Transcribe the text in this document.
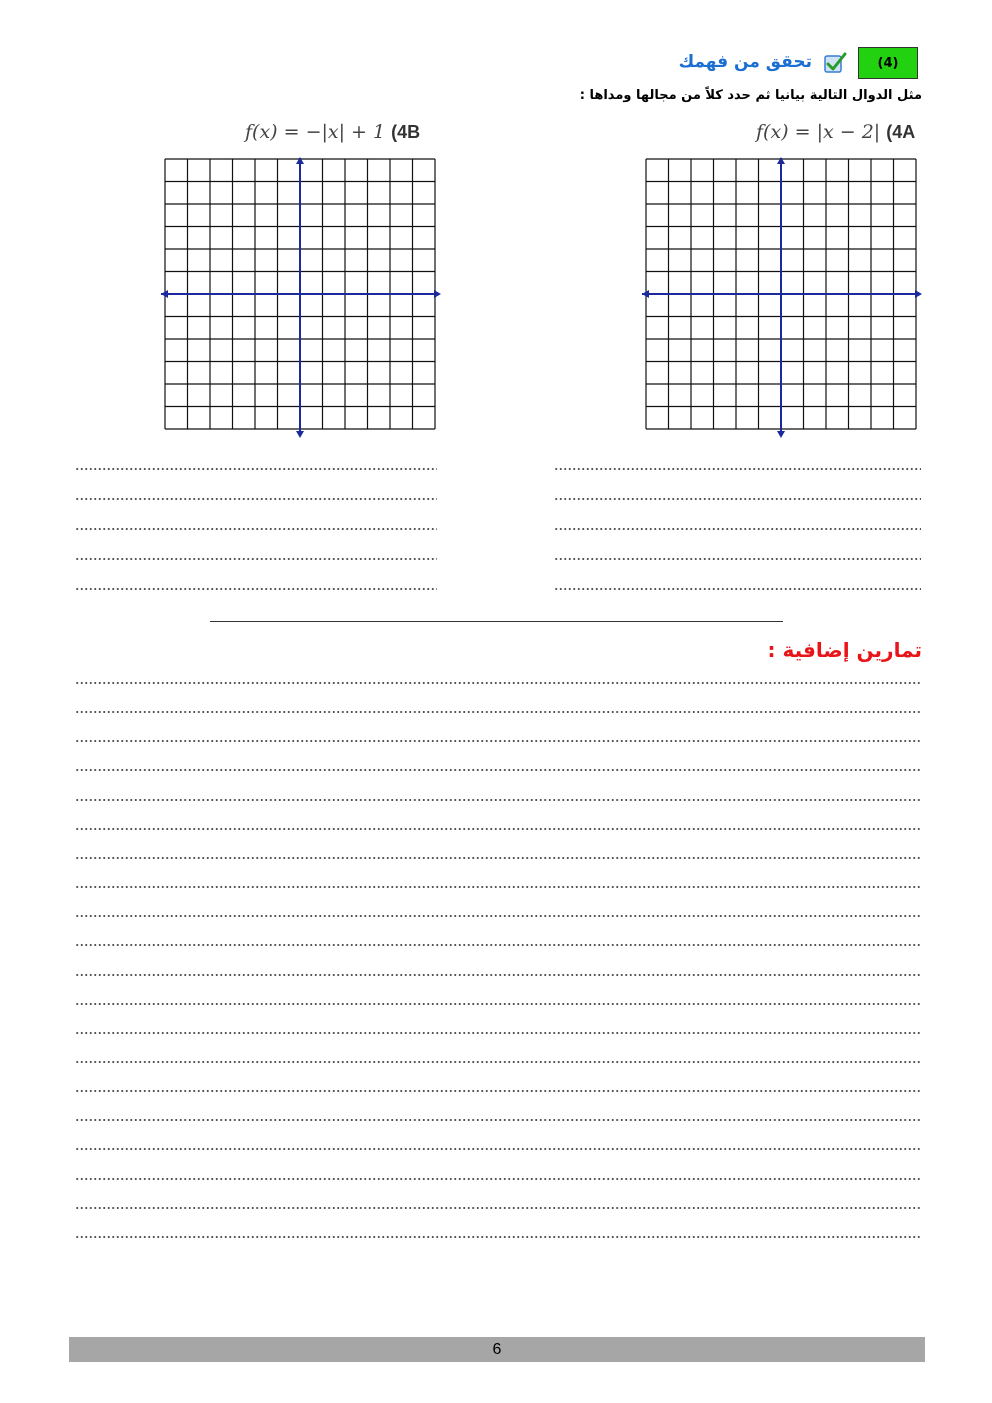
(4)
تحقق من فهمك
مثل الدوال التالية بيانيا ثم حدد كلاً من مجالها ومداها :
f(x) = −|x| + 1 (4B	f(x) = |x − 2| (4A
تمارين إضافية :
6
